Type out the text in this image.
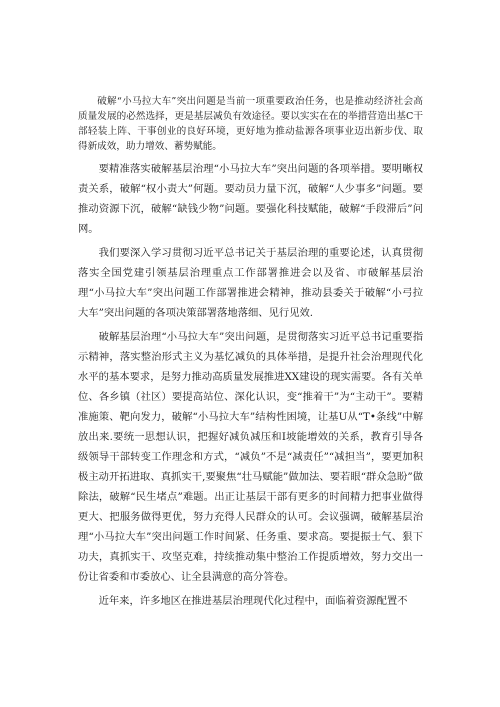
破解“小马拉大车”突出问题是当前一项重要政治任务，也是推动经济社会高质量发展的必然选择，更是基层减负有效途径。要以实实在在的举措营造出基C干部轻装上阵、干事创业的良好环境，更好地为推动盐源各项事业迈出新步伐、取得新成效，助力增效、蓄势赋能。

要精准落实破解基层治理“小马拉大车”突出问题的各项举措。要明晰权责关系，破解“权小责大”何题。要动员力量下沉，破解“人少事多”问题。要推动资源下沉，破解“缺钱少物”问题。要强化科技赋能，破解“手段滞后”问网。

我们要深入学习贯彻习近平总书记关于基层治理的重要论述，认真贯彻落实全国党建引领基层治理重点工作部署推进会以及省、市破解基层治理“小马拉大车”突出问题工作部署推进会精神，推动县委关于破解“小弓拉大车”突出问题的各项决策部署落地落细、见行见效.

破解基层治理“小马拉大车”突出问题，是贯彻落实习近平总书记重要指示精神，落实整治形式主义为基忆减负的具体举措，是提升社会治理现代化水平的基本要求，是努力推动高质量发展推进XX建设的现实需要。各有关单位、各乡镇（社区）要提高站位、深化认识，变“推着干”为“主动干”。要精准施策、靶向发力，破解“小马拉大车”结构性困境，让基U从“T•条线”中解放出来.要统一思想认识，把握好减负减压和I坡能增效的关系，教育引导各级领导干部转变工作理念和方式，“减负”不是“减责任”“减担当”，要更加积极主动开拓进取、真抓实干,要聚焦“壮马赋能”做加法、要若眼“群众急盼”做除法，破解“民生堵点”难题。出正让基层干部有更多的时间精力把事业做得更大、把服务做得更优，努力充得人民群众的认可。会议强调，破解基层治理“小马拉大车”突出问题工作时间紧、任务重、要求高。要提振士气、狠下功夫，真抓实干、攻坚克难，持续推动集中整治工作提质增效，努力交出一份让省委和市委放心、让全县满意的高分答卷。

近年来，许多地区在推进基层治理现代化过程中，面临着资源配置不
